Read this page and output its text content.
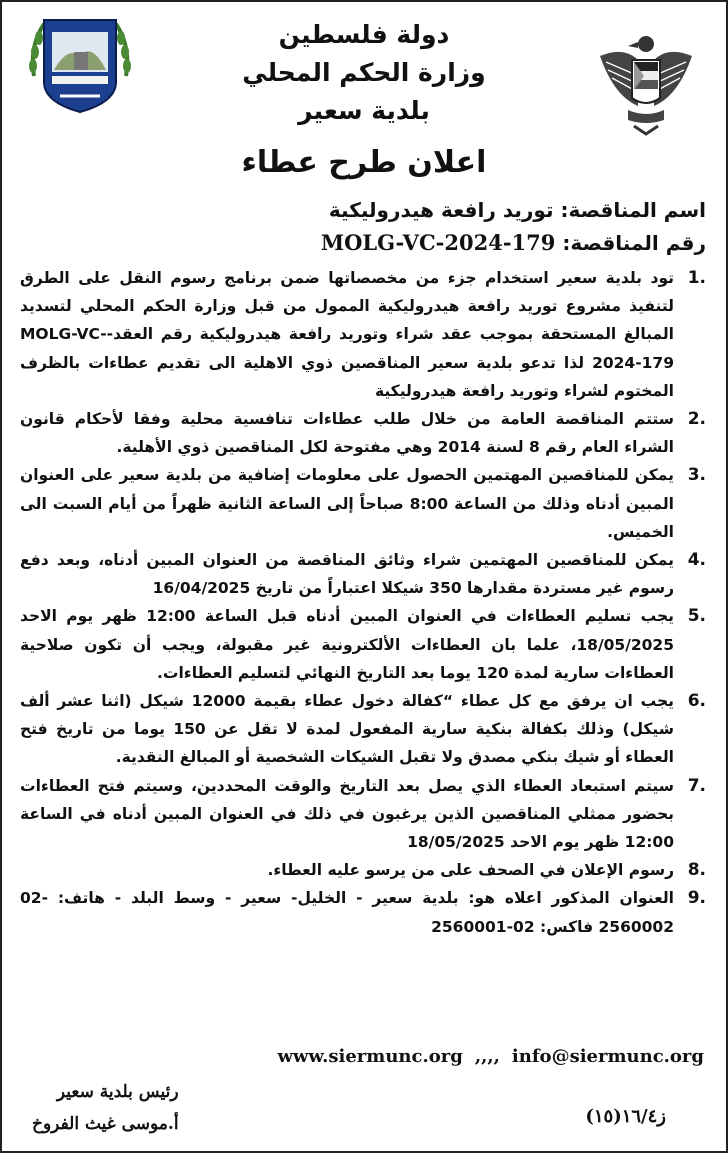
دولة فلسطين
وزارة الحكم المحلي
بلدية سعير
اعلان طرح عطاء
اسم المناقصة: توريد رافعة هيدروليكية
رقم المناقصة: MOLG-VC-2024-179
.1
تود بلدية سعير استخدام جزء من مخصصاتها ضمن برنامج رسوم النقل على الطرق لتنفيذ مشروع توريد رافعة هيدروليكية الممول من قبل وزارة الحكم المحلي لتسديد المبالغ المستحقة بموجب عقد شراء وتوريد رافعة هيدروليكية رقم العقد-MOLG-VC-2024-179 لذا تدعو بلدية سعير المناقصين ذوي الاهلية الى تقديم عطاءات بالظرف المختوم لشراء وتوريد رافعة هيدروليكية
.2
ستتم المناقصة العامة من خلال طلب عطاءات تنافسية محلية وفقا لأحكام قانون الشراء العام رقم 8 لسنة 2014 وهي مفتوحة لكل المناقصين ذوي الأهلية.
.3
يمكن للمناقصين المهتمين الحصول على معلومات إضافية من بلدية سعير على العنوان المبين أدناه وذلك من الساعة 8:00 صباحاً إلى الساعة الثانية ظهراً من أيام السبت الى الخميس.
.4
يمكن للمناقصين المهتمين شراء وثائق المناقصة من العنوان المبين أدناه، وبعد دفع رسوم غير مستردة مقدارها 350 شيكلا اعتباراً من تاريخ 16/04/2025
.5
يجب تسليم العطاءات في العنوان المبين أدناه قبل الساعة 12:00 ظهر يوم الاحد 18/05/2025، علما بان العطاءات الألكترونية غير مقبولة، ويجب أن تكون صلاحية العطاءات سارية لمدة 120 يوما بعد التاريخ النهائي لتسليم العطاءات.
.6
يجب ان يرفق مع كل عطاء “كفالة دخول عطاء بقيمة 12000 شيكل (اثنا عشر ألف شيكل) وذلك بكفالة بنكية سارية المفعول لمدة لا تقل عن 150 يوما من تاريخ فتح العطاء أو شيك بنكي مصدق ولا تقبل الشيكات الشخصية أو المبالغ النقدية.
.7
سيتم استبعاد العطاء الذي يصل بعد التاريخ والوقت المحددين، وسيتم فتح العطاءات بحضور ممثلي المناقصين الذين يرغبون في ذلك في العنوان المبين أدناه في الساعة 12:00 ظهر يوم الاحد 18/05/2025
.8
رسوم الإعلان في الصحف على من يرسو عليه العطاء.
.9
العنوان المذكور اعلاه هو: بلدية سعير - الخليل- سعير - وسط البلد - هاتف: -02 2560002 فاكس: 02-2560001
info@siermunc.org,,,,www.siermunc.org
رئيس بلدية سعير
أ.موسى غيث الفروخ	ز١٦/٤(١٥)
